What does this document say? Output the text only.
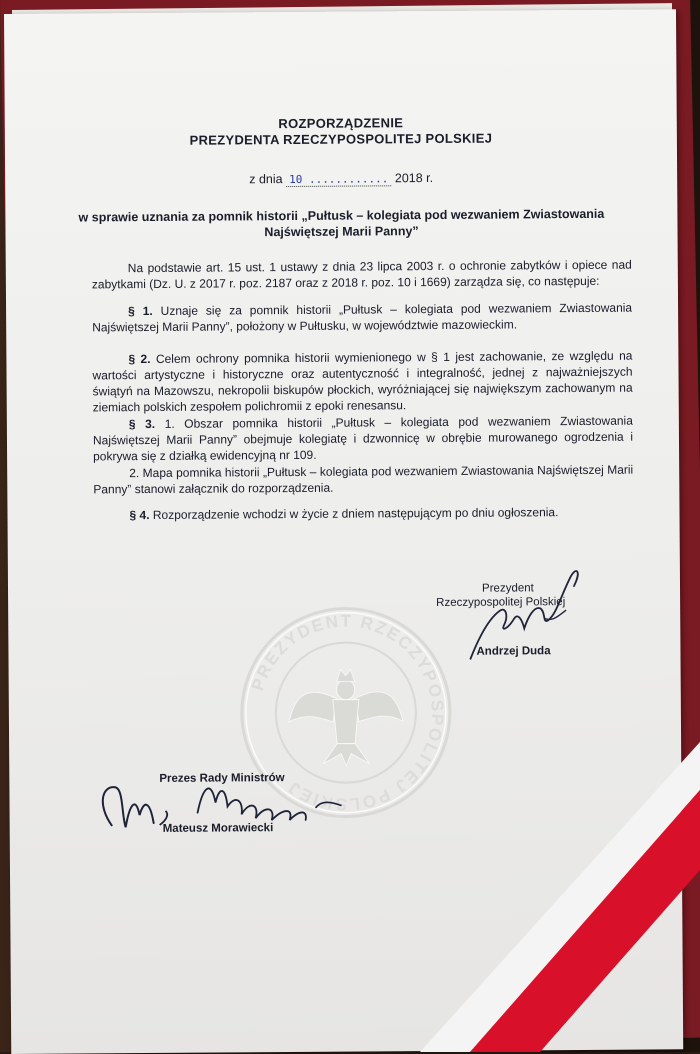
ROZPORZĄDZENIE
PREZYDENTA RZECZYPOSPOLITEJ POLSKIEJ
z dnia 10 ............ 2018 r.
w sprawie uznania za pomnik historii „Pułtusk – kolegiata pod wezwaniem Zwiastowania
Najświętszej Marii Panny”
Na podstawie art. 15 ust. 1 ustawy z dnia 23 lipca 2003 r. o ochronie zabytków i opiece nad zabytkami (Dz. U. z 2017 r. poz. 2187 oraz z 2018 r. poz. 10 i 1669) zarządza się, co następuje:
§ 1. Uznaje się za pomnik historii „Pułtusk – kolegiata pod wezwaniem Zwiastowania Najświętszej Marii Panny”, położony w Pułtusku, w województwie mazowieckim.
§ 2. Celem ochrony pomnika historii wymienionego w § 1 jest zachowanie, ze względu na wartości artystyczne i historyczne oraz autentyczność i integralność, jednej z najważniejszych świątyń na Mazowszu, nekropolii biskupów płockich, wyróżniającej się największym zachowanym na ziemiach polskich zespołem polichromii z epoki renesansu.
§ 3. 1. Obszar pomnika historii „Pułtusk – kolegiata pod wezwaniem Zwiastowania Najświętszej Marii Panny” obejmuje kolegiatę i dzwonnicę w obrębie murowanego ogrodzenia i pokrywa się z działką ewidencyjną nr 109.
2. Mapa pomnika historii „Pułtusk – kolegiata pod wezwaniem Zwiastowania Najświętszej Marii Panny” stanowi załącznik do rozporządzenia.
§ 4. Rozporządzenie wchodzi w życie z dniem następującym po dniu ogłoszenia.
PREZYDENT RZECZYPOSPOLITEJ POLSKIEJ
Prezydent
Rzeczypospolitej Polskiej
Andrzej Duda
Prezes Rady Ministrów
Mateusz Morawiecki
